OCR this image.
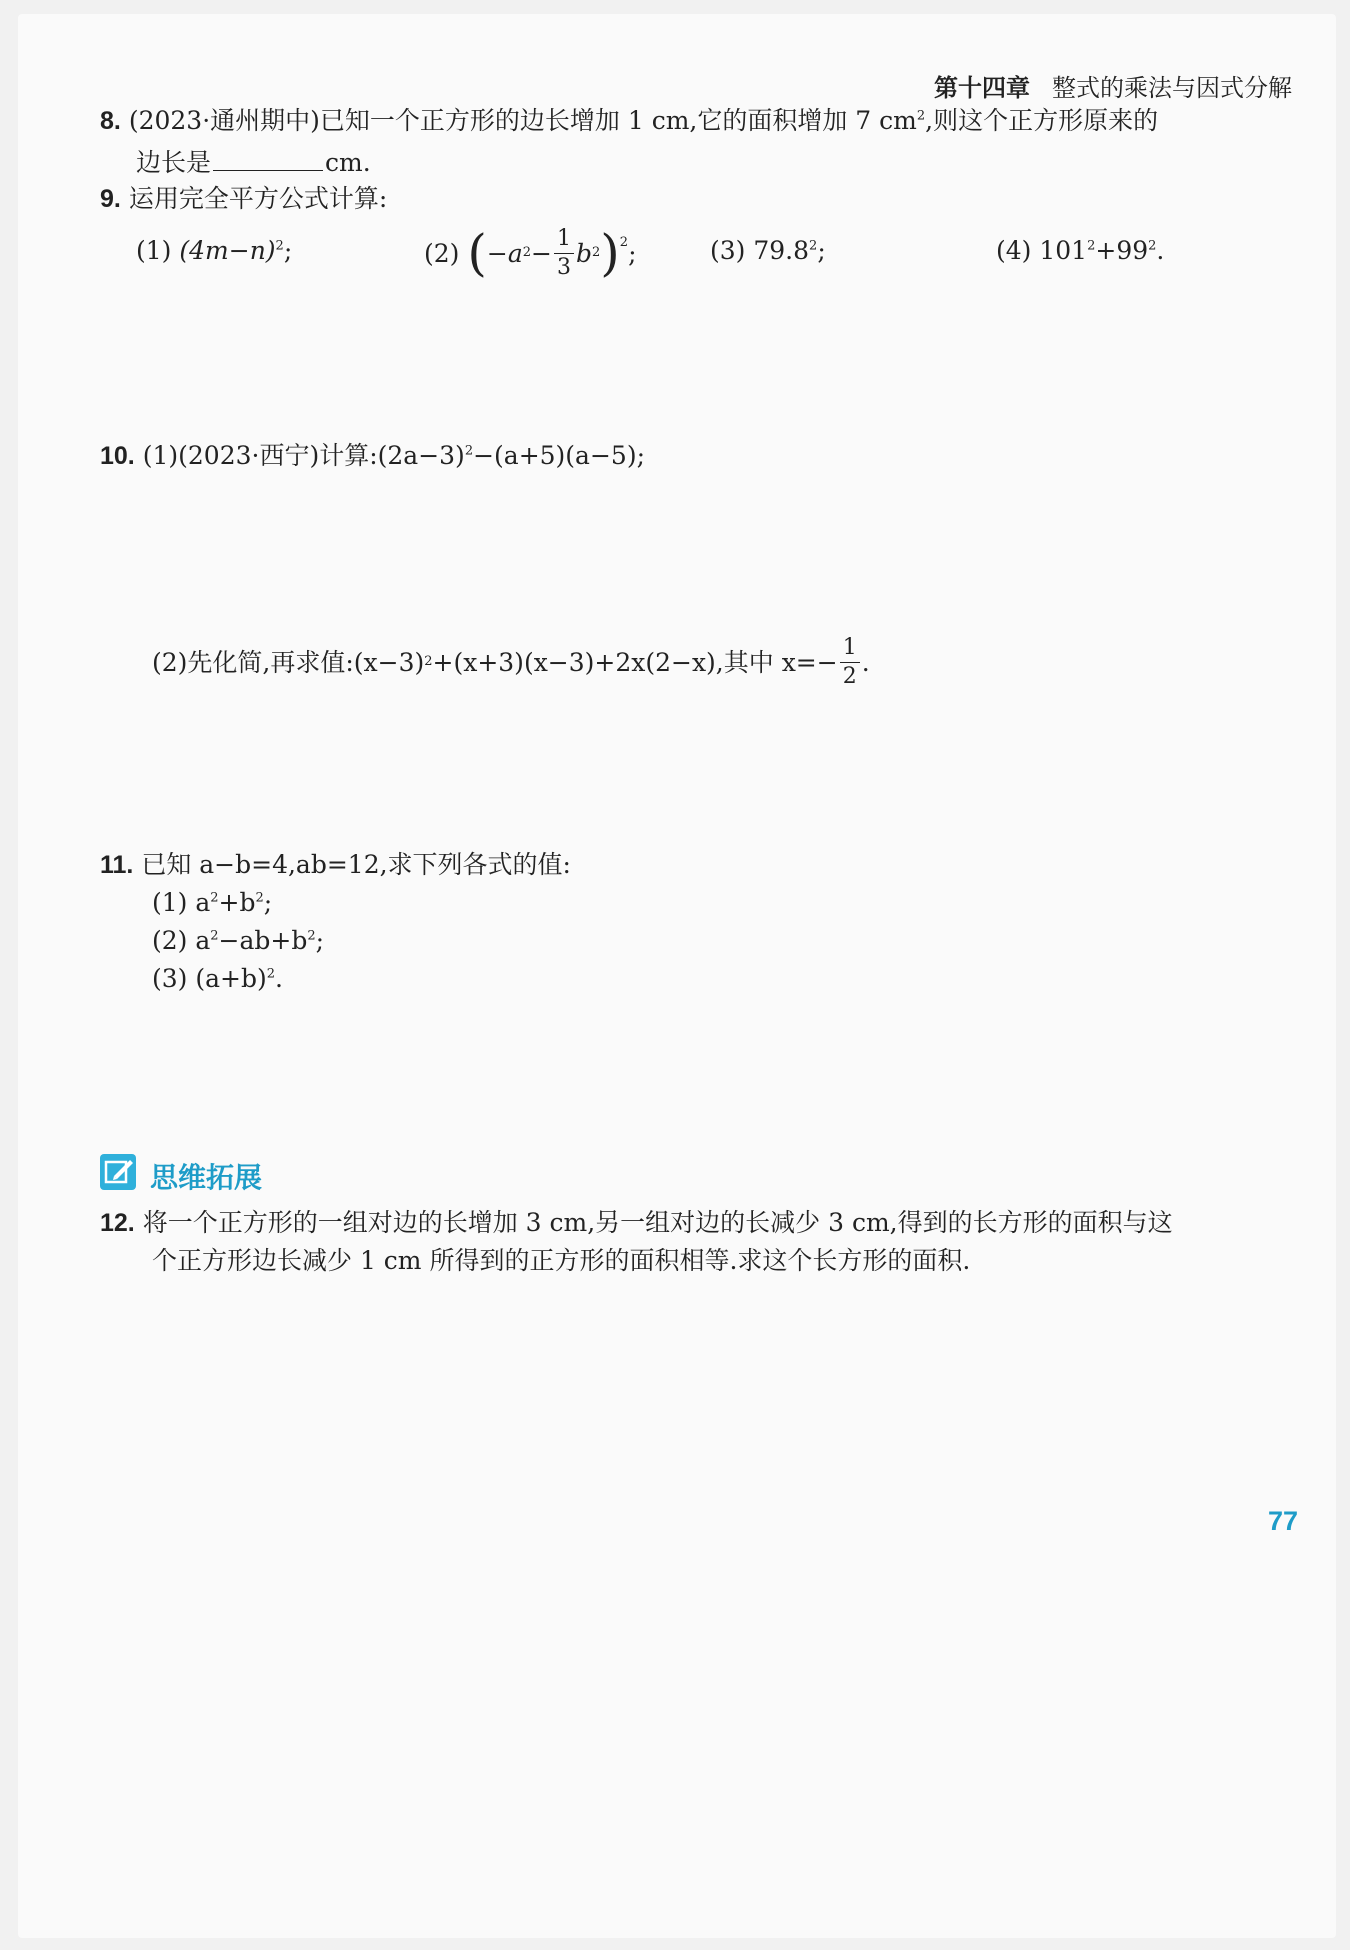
第十四章 整式的乘法与因式分解
8. (2023·通州期中)已知一个正方形的边长增加 1 cm,它的面积增加 7 $cm^2$,则这个正方形原来的
边长是	cm.
9. 运用完全平方公式计算:
(1) $(4m-n)^2$;	(2)
( −a $2 - \frac{1}{3}$ b 2 )$^2$ ;	(3) 79.8$^2$;	(4) $101^2+99^2$.
10. (1)(2023·西宁)计算$:(2a-3)^2-(a+5)(a-5)$;
(2)先化简,再求值:(x−3) 2 +(x+3)(x−3)+2x(2−x),其中 $x=- \frac{1}{2}$ .
11. 已知 a−b=4,ab=12,求下列各式的值:
(1) $a^2+b^2$;
(2) $a^2-ab+b^2$;
(3) $(a+b)^2$.
思维拓展
12. 将一个正方形的一组对边的长增加 3 cm,另一组对边的长减少 3 cm,得到的长方形的面积与这
个正方形边长减少 1 cm 所得到的正方形的面积相等.求这个长方形的面积.
77
